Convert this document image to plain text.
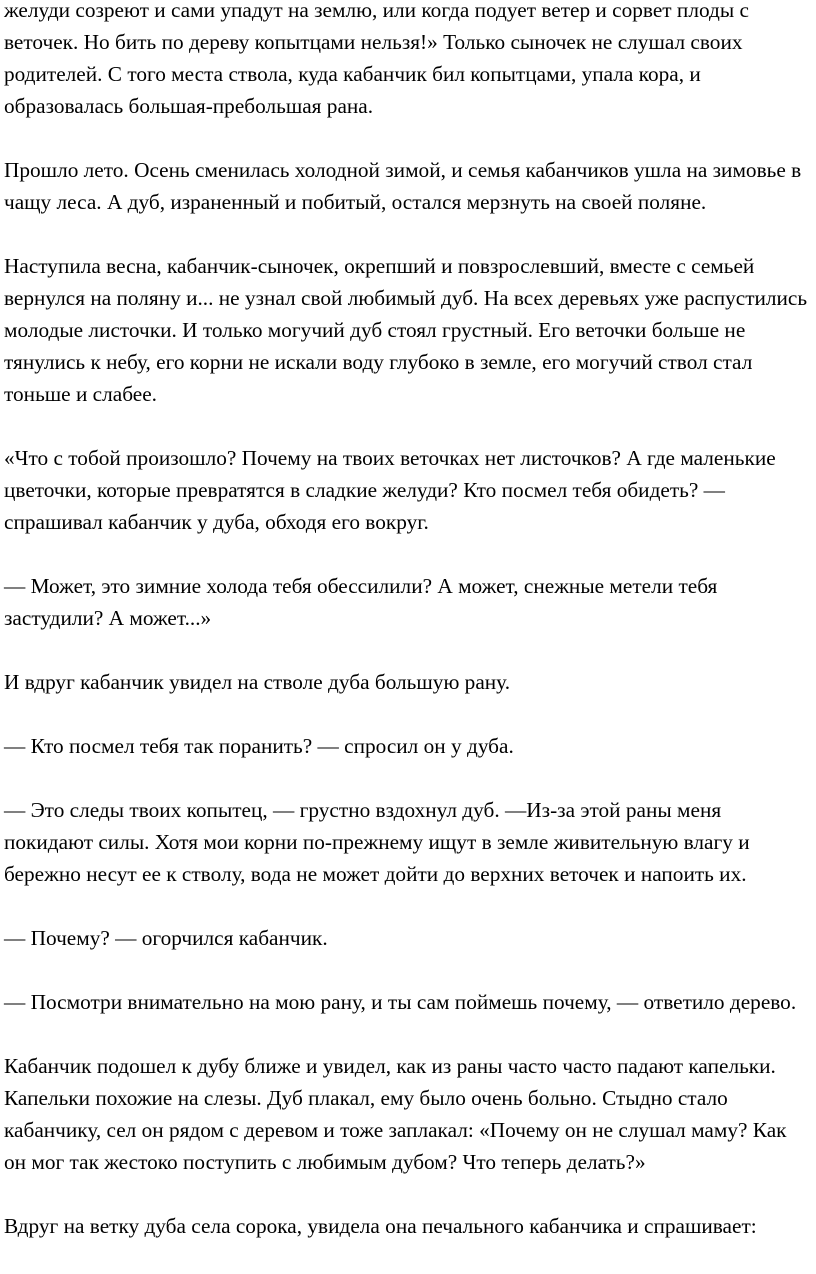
желуди созреют и сами упадут на землю, или когда подует ветер и сорвет плоды с веточек. Но бить по дереву копытцами нельзя!» Только сыночек не слушал своих родителей. С того места ствола, куда кабанчик бил копытцами, упала кора, и образовалась большая-пребольшая рана.

Прошло лето. Осень сменилась холодной зимой, и семья кабанчиков ушла на зимовье в чащу леса. А дуб, израненный и побитый, остался мерзнуть на своей поляне.

Наступила весна, кабанчик-сыночек, окрепший и повзрослевший, вместе с семьей вернулся на поляну и... не узнал свой любимый дуб. На всех деревьях уже распустились молодые листочки. И только могучий дуб стоял грустный. Его веточки больше не тянулись к небу, его корни не искали воду глубоко в земле, его могучий ствол стал тоньше и слабее.

«Что с тобой произошло? Почему на твоих веточках нет листочков? А где маленькие цветочки, которые превратятся в сладкие желуди? Кто посмел тебя обидеть? — спрашивал кабанчик у дуба, обходя его вокруг.

— Может, это зимние холода тебя обессилили? А может, снежные метели тебя застудили? А может...»

И вдруг кабанчик увидел на стволе дуба большую рану.

— Кто посмел тебя так поранить? — спросил он у дуба.

— Это следы твоих копытец, — грустно вздохнул дуб. —Из-за этой раны меня покидают силы. Хотя мои корни по-прежнему ищут в земле живительную влагу и бережно несут ее к стволу, вода не может дойти до верхних веточек и напоить их.

— Почему? — огорчился кабанчик.

— Посмотри внимательно на мою рану, и ты сам поймешь почему, — ответило дерево.

Кабанчик подошел к дубу ближе и увидел, как из раны часто часто падают капельки. Капельки похожие на слезы. Дуб плакал, ему было очень больно. Стыдно стало кабанчику, сел он рядом с деревом и тоже заплакал: «Почему он не слушал маму? Как он мог так жестоко поступить с любимым дубом? Что теперь делать?»

Вдруг на ветку дуба села сорока, увидела она печального кабанчика и спрашивает:
